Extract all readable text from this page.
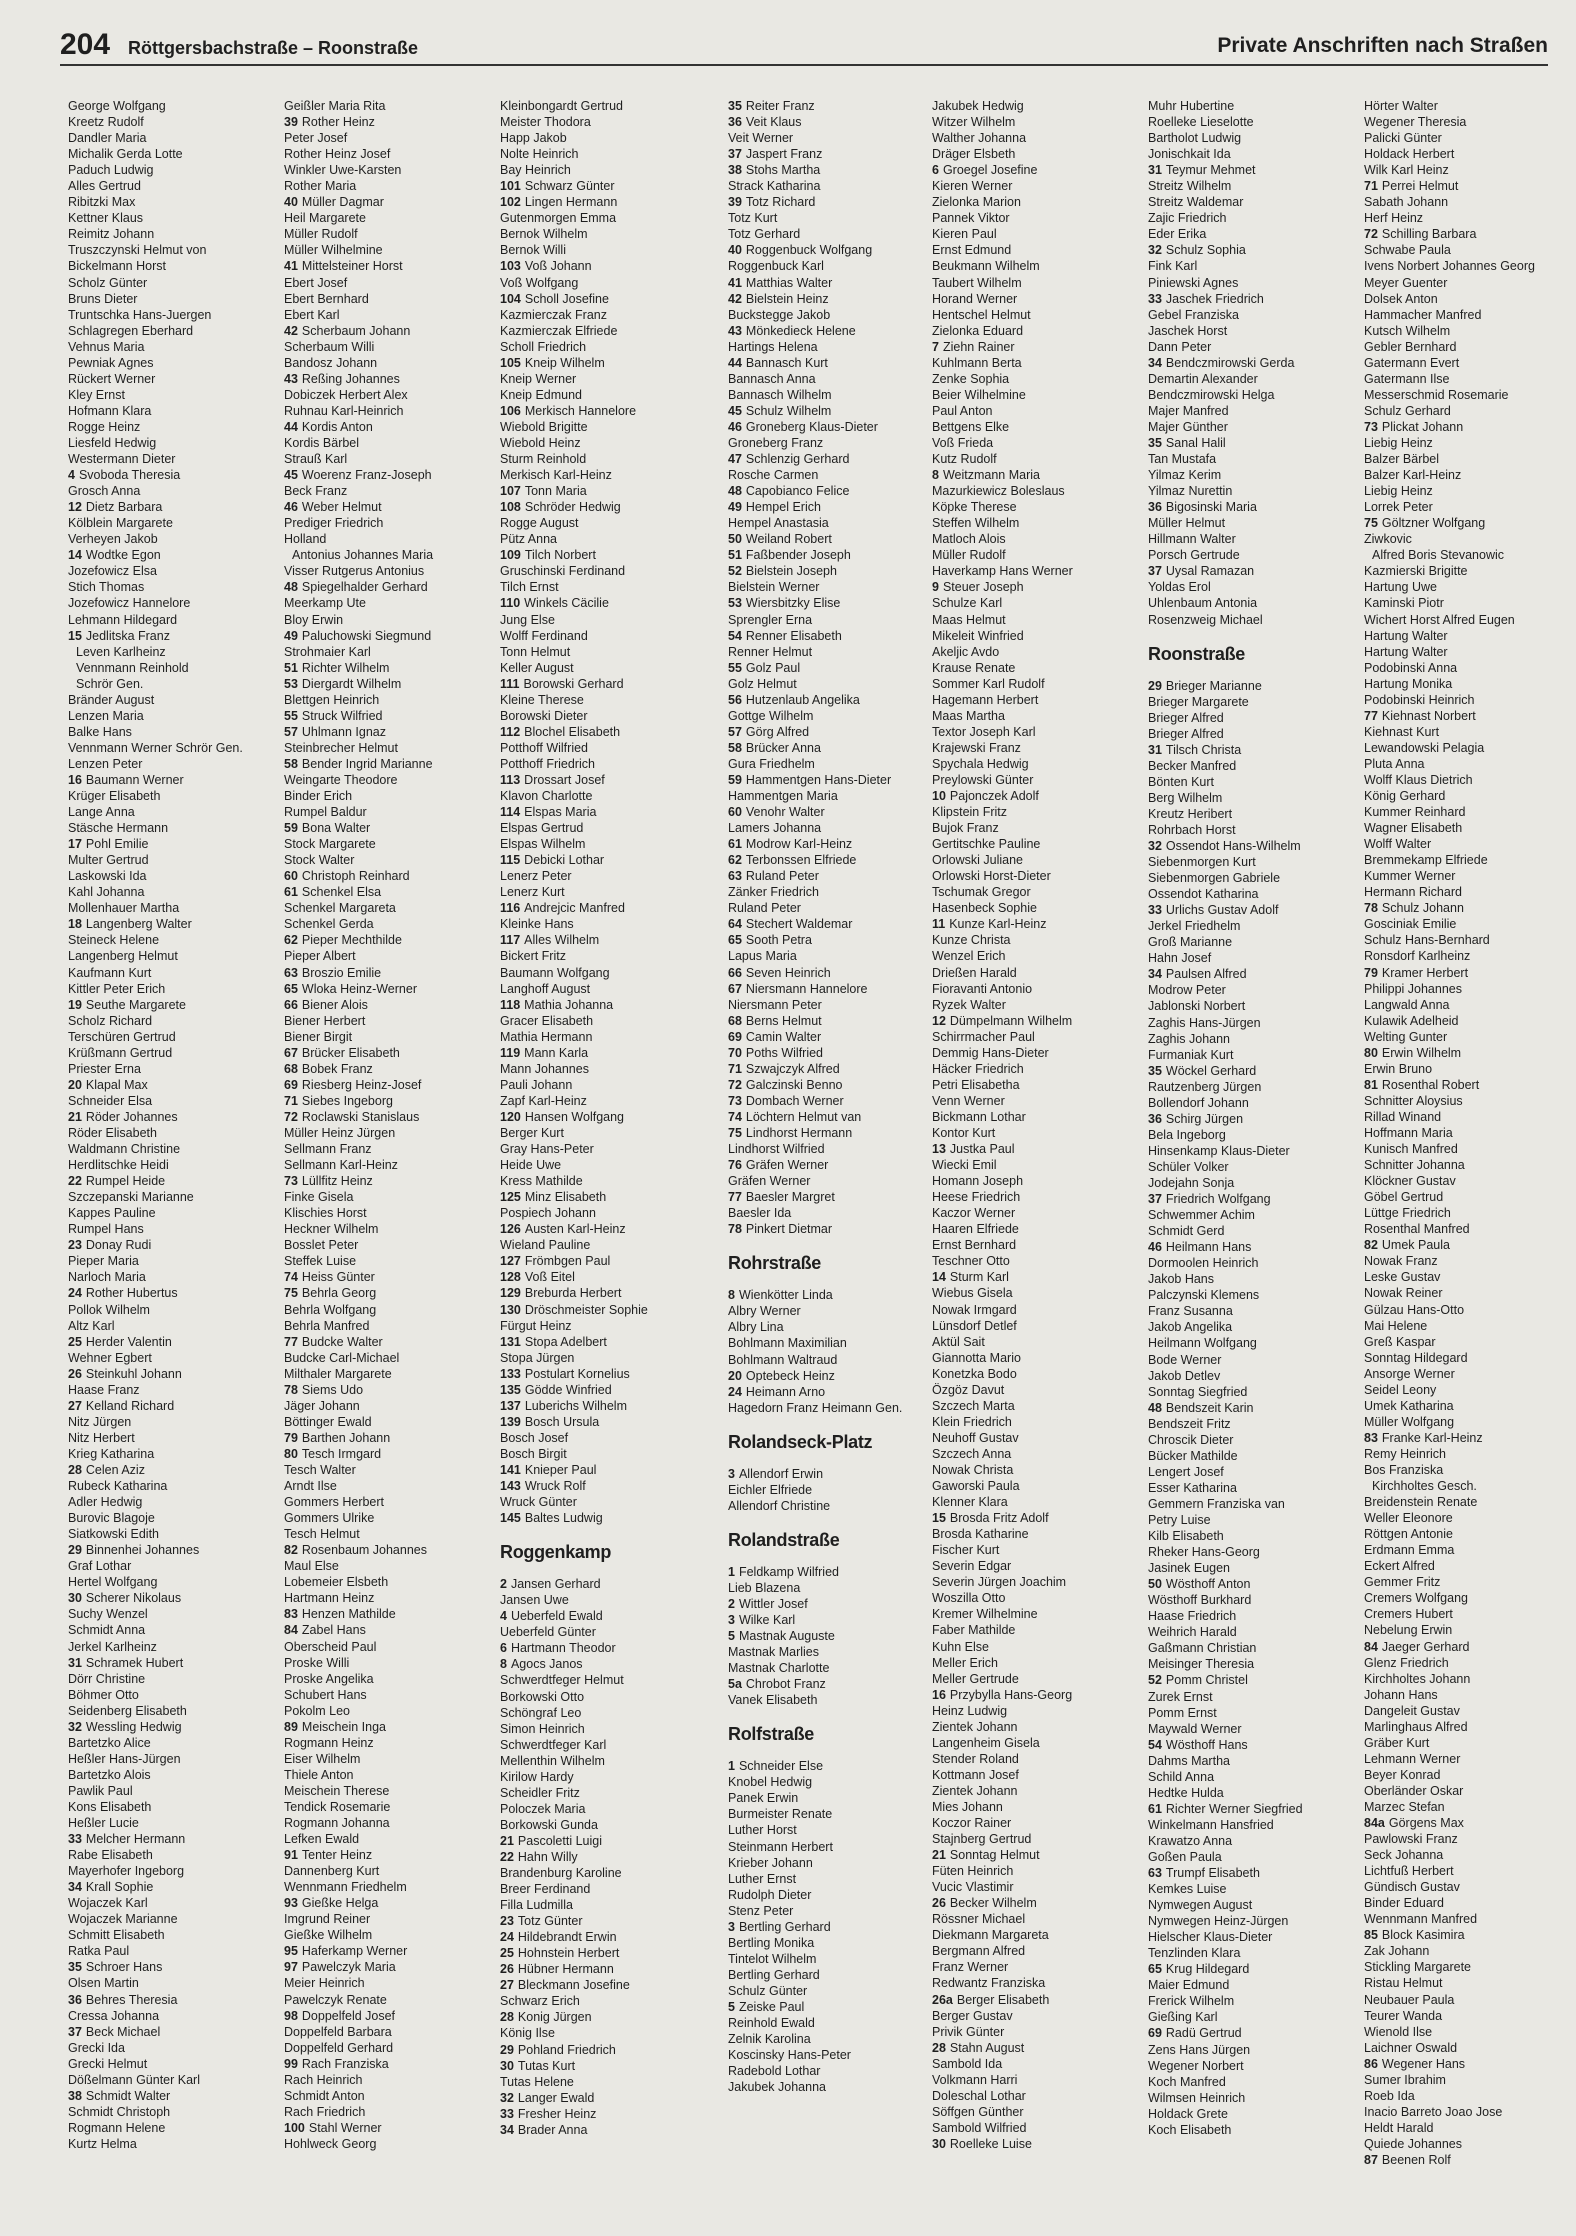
204 Röttgersbachstraße – Roonstraße	Private Anschriften nach Straßen
George Wolfgang
Kreetz Rudolf
Dandler Maria
Michalik Gerda Lotte
Paduch Ludwig
Alles Gertrud
Ribitzki Max
Kettner Klaus
Reimitz Johann
Truszczynski Helmut von
Bickelmann Horst
Scholz Günter
Bruns Dieter
Truntschka Hans-Juergen
Schlagregen Eberhard
Vehnus Maria
Pewniak Agnes
Rückert Werner
Kley Ernst
Hofmann Klara
Rogge Heinz
Liesfeld Hedwig
Westermann Dieter
4 Svoboda Theresia
Grosch Anna
12 Dietz Barbara
Kölblein Margarete
Verheyen Jakob
14 Wodtke Egon
Jozefowicz Elsa
Stich Thomas
Jozefowicz Hannelore
Lehmann Hildegard
15 Jedlitska Franz
Leven Karlheinz
Vennmann Reinhold
Schrör Gen.
Bränder August
Lenzen Maria
Balke Hans
Vennmann Werner Schrör Gen.
Lenzen Peter
16 Baumann Werner
Krüger Elisabeth
Lange Anna
Stäsche Hermann
17 Pohl Emilie
Multer Gertrud
Laskowski Ida
Kahl Johanna
Mollenhauer Martha
18 Langenberg Walter
Steineck Helene
Langenberg Helmut
Kaufmann Kurt
Kittler Peter Erich
19 Seuthe Margarete
Scholz Richard
Terschüren Gertrud
Krüßmann Gertrud
Priester Erna
20 Klapal Max
Schneider Elsa
21 Röder Johannes
Röder Elisabeth
Waldmann Christine
Herdlitschke Heidi
22 Rumpel Heide
Szczepanski Marianne
Kappes Pauline
Rumpel Hans
23 Donay Rudi
Pieper Maria
Narloch Maria
24 Rother Hubertus
Pollok Wilhelm
Altz Karl
25 Herder Valentin
Wehner Egbert
26 Steinkuhl Johann
Haase Franz
27 Kelland Richard
Nitz Jürgen
Nitz Herbert
Krieg Katharina
28 Celen Aziz
Rubeck Katharina
Adler Hedwig
Burovic Blagoje
Siatkowski Edith
29 Binnenhei Johannes
Graf Lothar
Hertel Wolfgang
30 Scherer Nikolaus
Suchy Wenzel
Schmidt Anna
Jerkel Karlheinz
31 Schramek Hubert
Dörr Christine
Böhmer Otto
Seidenberg Elisabeth
32 Wessling Hedwig
Bartetzko Alice
Heßler Hans-Jürgen
Bartetzko Alois
Pawlik Paul
Kons Elisabeth
Heßler Lucie
33 Melcher Hermann
Rabe Elisabeth
Mayerhofer Ingeborg
34 Krall Sophie
Wojaczek Karl
Wojaczek Marianne
Schmitt Elisabeth
Ratka Paul
35 Schroer Hans
Olsen Martin
36 Behres Theresia
Cressa Johanna
37 Beck Michael
Grecki Ida
Grecki Helmut
Dößelmann Günter Karl
38 Schmidt Walter
Schmidt Christoph
Rogmann Helene
Kurtz Helma
Geißler Maria Rita
39 Rother Heinz
Peter Josef
Rother Heinz Josef
Winkler Uwe-Karsten
Rother Maria
40 Müller Dagmar
Heil Margarete
Müller Rudolf
Müller Wilhelmine
41 Mittelsteiner Horst
Ebert Josef
Ebert Bernhard
Ebert Karl
42 Scherbaum Johann
Scherbaum Willi
Bandosz Johann
43 Reßing Johannes
Dobiczek Herbert Alex
Ruhnau Karl-Heinrich
44 Kordis Anton
Kordis Bärbel
Strauß Karl
45 Woerenz Franz-Joseph
Beck Franz
46 Weber Helmut
Prediger Friedrich
Holland
Antonius Johannes Maria
Visser Rutgerus Antonius
48 Spiegelhalder Gerhard
Meerkamp Ute
Bloy Erwin
49 Paluchowski Siegmund
Strohmaier Karl
51 Richter Wilhelm
53 Diergardt Wilhelm
Blettgen Heinrich
55 Struck Wilfried
57 Uhlmann Ignaz
Steinbrecher Helmut
58 Bender Ingrid Marianne
Weingarte Theodore
Binder Erich
Rumpel Baldur
59 Bona Walter
Stock Margarete
Stock Walter
60 Christoph Reinhard
61 Schenkel Elsa
Schenkel Margareta
Schenkel Gerda
62 Pieper Mechthilde
Pieper Albert
63 Broszio Emilie
65 Wloka Heinz-Werner
66 Biener Alois
Biener Herbert
Biener Birgit
67 Brücker Elisabeth
68 Bobek Franz
69 Riesberg Heinz-Josef
71 Siebes Ingeborg
72 Roclawski Stanislaus
Müller Heinz Jürgen
Sellmann Franz
Sellmann Karl-Heinz
73 Lüllfitz Heinz
Finke Gisela
Klischies Horst
Heckner Wilhelm
Bosslet Peter
Steffek Luise
74 Heiss Günter
75 Behrla Georg
Behrla Wolfgang
Behrla Manfred
77 Budcke Walter
Budcke Carl-Michael
Milthaler Margarete
78 Siems Udo
Jäger Johann
Böttinger Ewald
79 Barthen Johann
80 Tesch Irmgard
Tesch Walter
Arndt Ilse
Gommers Herbert
Gommers Ulrike
Tesch Helmut
82 Rosenbaum Johannes
Maul Else
Lobemeier Elsbeth
Hartmann Heinz
83 Henzen Mathilde
84 Zabel Hans
Oberscheid Paul
Proske Willi
Proske Angelika
Schubert Hans
Pokolm Leo
89 Meischein Inga
Rogmann Heinz
Eiser Wilhelm
Thiele Anton
Meischein Therese
Tendick Rosemarie
Rogmann Johanna
Lefken Ewald
91 Tenter Heinz
Dannenberg Kurt
Wennmann Friedhelm
93 Gießke Helga
Imgrund Reiner
Gießke Wilhelm
95 Haferkamp Werner
97 Pawelczyk Maria
Meier Heinrich
Pawelczyk Renate
98 Doppelfeld Josef
Doppelfeld Barbara
Doppelfeld Gerhard
99 Rach Franziska
Rach Heinrich
Schmidt Anton
Rach Friedrich
100 Stahl Werner
Hohlweck Georg
Kleinbongardt Gertrud
Meister Thodora
Happ Jakob
Nolte Heinrich
Bay Heinrich
101 Schwarz Günter
102 Lingen Hermann
Gutenmorgen Emma
Bernok Wilhelm
Bernok Willi
103 Voß Johann
Voß Wolfgang
104 Scholl Josefine
Kazmierczak Franz
Kazmierczak Elfriede
Scholl Friedrich
105 Kneip Wilhelm
Kneip Werner
Kneip Edmund
106 Merkisch Hannelore
Wiebold Brigitte
Wiebold Heinz
Sturm Reinhold
Merkisch Karl-Heinz
107 Tonn Maria
108 Schröder Hedwig
Rogge August
Pütz Anna
109 Tilch Norbert
Gruschinski Ferdinand
Tilch Ernst
110 Winkels Cäcilie
Jung Else
Wolff Ferdinand
Tonn Helmut
Keller August
111 Borowski Gerhard
Kleine Therese
Borowski Dieter
112 Blochel Elisabeth
Potthoff Wilfried
Potthoff Friedrich
113 Drossart Josef
Klavon Charlotte
114 Elspas Maria
Elspas Gertrud
Elspas Wilhelm
115 Debicki Lothar
Lenerz Peter
Lenerz Kurt
116 Andrejcic Manfred
Kleinke Hans
117 Alles Wilhelm
Bickert Fritz
Baumann Wolfgang
Langhoff August
118 Mathia Johanna
Gracer Elisabeth
Mathia Hermann
119 Mann Karla
Mann Johannes
Pauli Johann
Zapf Karl-Heinz
120 Hansen Wolfgang
Berger Kurt
Gray Hans-Peter
Heide Uwe
Kress Mathilde
125 Minz Elisabeth
Pospiech Johann
126 Austen Karl-Heinz
Wieland Pauline
127 Frömbgen Paul
128 Voß Eitel
129 Breburda Herbert
130 Dröschmeister Sophie
Fürgut Heinz
131 Stopa Adelbert
Stopa Jürgen
133 Postulart Kornelius
135 Gödde Winfried
137 Luberichs Wilhelm
139 Bosch Ursula
Bosch Josef
Bosch Birgit
141 Knieper Paul
143 Wruck Rolf
Wruck Günter
145 Baltes Ludwig
Roggenkamp
2 Jansen Gerhard
Jansen Uwe
4 Ueberfeld Ewald
Ueberfeld Günter
6 Hartmann Theodor
8 Agocs Janos
Schwerdtfeger Helmut
Borkowski Otto
Schöngraf Leo
Simon Heinrich
Schwerdtfeger Karl
Mellenthin Wilhelm
Kirilow Hardy
Scheidler Fritz
Poloczek Maria
Borkowski Gunda
21 Pascoletti Luigi
22 Hahn Willy
Brandenburg Karoline
Breer Ferdinand
Filla Ludmilla
23 Totz Günter
24 Hildebrandt Erwin
25 Hohnstein Herbert
26 Hübner Hermann
27 Bleckmann Josefine
Schwarz Erich
28 Konig Jürgen
König Ilse
29 Pohland Friedrich
30 Tutas Kurt
Tutas Helene
32 Langer Ewald
33 Fresher Heinz
34 Brader Anna
35 Reiter Franz
36 Veit Klaus
Veit Werner
37 Jaspert Franz
38 Stohs Martha
Strack Katharina
39 Totz Richard
Totz Kurt
Totz Gerhard
40 Roggenbuck Wolfgang
Roggenbuck Karl
41 Matthias Walter
42 Bielstein Heinz
Buckstegge Jakob
43 Mönkedieck Helene
Hartings Helena
44 Bannasch Kurt
Bannasch Anna
Bannasch Wilhelm
45 Schulz Wilhelm
46 Groneberg Klaus-Dieter
Groneberg Franz
47 Schlenzig Gerhard
Rosche Carmen
48 Capobianco Felice
49 Hempel Erich
Hempel Anastasia
50 Weiland Robert
51 Faßbender Joseph
52 Bielstein Joseph
Bielstein Werner
53 Wiersbitzky Elise
Sprengler Erna
54 Renner Elisabeth
Renner Helmut
55 Golz Paul
Golz Helmut
56 Hutzenlaub Angelika
Gottge Wilhelm
57 Görg Alfred
58 Brücker Anna
Gura Friedhelm
59 Hammentgen Hans-Dieter
Hammentgen Maria
60 Venohr Walter
Lamers Johanna
61 Modrow Karl-Heinz
62 Terbonssen Elfriede
63 Ruland Peter
Zänker Friedrich
Ruland Peter
64 Stechert Waldemar
65 Sooth Petra
Lapus Maria
66 Seven Heinrich
67 Niersmann Hannelore
Niersmann Peter
68 Berns Helmut
69 Camin Walter
70 Poths Wilfried
71 Szwajczyk Alfred
72 Galczinski Benno
73 Dombach Werner
74 Löchtern Helmut van
75 Lindhorst Hermann
Lindhorst Wilfried
76 Gräfen Werner
Gräfen Werner
77 Baesler Margret
Baesler Ida
78 Pinkert Dietmar
Rohrstraße
8 Wienkötter Linda
Albry Werner
Albry Lina
Bohlmann Maximilian
Bohlmann Waltraud
20 Optebeck Heinz
24 Heimann Arno
Hagedorn Franz Heimann Gen.
Rolandseck-Platz
3 Allendorf Erwin
Eichler Elfriede
Allendorf Christine
Rolandstraße
1 Feldkamp Wilfried
Lieb Blazena
2 Wittler Josef
3 Wilke Karl
5 Mastnak Auguste
Mastnak Marlies
Mastnak Charlotte
5a Chrobot Franz
Vanek Elisabeth
Rolfstraße
1 Schneider Else
Knobel Hedwig
Panek Erwin
Burmeister Renate
Luther Horst
Steinmann Herbert
Krieber Johann
Luther Ernst
Rudolph Dieter
Stenz Peter
3 Bertling Gerhard
Bertling Monika
Tintelot Wilhelm
Bertling Gerhard
Schulz Günter
5 Zeiske Paul
Reinhold Ewald
Zelnik Karolina
Koscinsky Hans-Peter
Radebold Lothar
Jakubek Johanna
Jakubek Hedwig
Witzer Wilhelm
Walther Johanna
Dräger Elsbeth
6 Groegel Josefine
Kieren Werner
Zielonka Marion
Pannek Viktor
Kieren Paul
Ernst Edmund
Beukmann Wilhelm
Taubert Wilhelm
Horand Werner
Hentschel Helmut
Zielonka Eduard
7 Ziehn Rainer
Kuhlmann Berta
Zenke Sophia
Beier Wilhelmine
Paul Anton
Bettgens Elke
Voß Frieda
Kutz Rudolf
8 Weitzmann Maria
Mazurkiewicz Boleslaus
Köpke Therese
Steffen Wilhelm
Matloch Alois
Müller Rudolf
Haverkamp Hans Werner
9 Steuer Joseph
Schulze Karl
Maas Helmut
Mikeleit Winfried
Akeljic Avdo
Krause Renate
Sommer Karl Rudolf
Hagemann Herbert
Maas Martha
Textor Joseph Karl
Krajewski Franz
Spychala Hedwig
Preylowski Günter
10 Pajonczek Adolf
Klipstein Fritz
Bujok Franz
Gertitschke Pauline
Orlowski Juliane
Orlowski Horst-Dieter
Tschumak Gregor
Hasenbeck Sophie
11 Kunze Karl-Heinz
Kunze Christa
Wenzel Erich
Drießen Harald
Fioravanti Antonio
Ryzek Walter
12 Dümpelmann Wilhelm
Schirrmacher Paul
Demmig Hans-Dieter
Häcker Friedrich
Petri Elisabetha
Venn Werner
Bickmann Lothar
Kontor Kurt
13 Justka Paul
Wiecki Emil
Homann Joseph
Heese Friedrich
Kaczor Werner
Haaren Elfriede
Ernst Bernhard
Teschner Otto
14 Sturm Karl
Wiebus Gisela
Nowak Irmgard
Lünsdorf Detlef
Aktül Sait
Giannotta Mario
Konetzka Bodo
Özgöz Davut
Szczech Marta
Klein Friedrich
Neuhoff Gustav
Szczech Anna
Nowak Christa
Gaworski Paula
Klenner Klara
15 Brosda Fritz Adolf
Brosda Katharine
Fischer Kurt
Severin Edgar
Severin Jürgen Joachim
Woszilla Otto
Kremer Wilhelmine
Faber Mathilde
Kuhn Else
Meller Erich
Meller Gertrude
16 Przybylla Hans-Georg
Heinz Ludwig
Zientek Johann
Langenheim Gisela
Stender Roland
Kottmann Josef
Zientek Johann
Mies Johann
Koczor Rainer
Stajnberg Gertrud
21 Sonntag Helmut
Füten Heinrich
Vucic Vlastimir
26 Becker Wilhelm
Rössner Michael
Diekmann Margareta
Bergmann Alfred
Franz Werner
Redwantz Franziska
26a Berger Elisabeth
Berger Gustav
Privik Günter
28 Stahn August
Sambold Ida
Volkmann Harri
Doleschal Lothar
Söffgen Günther
Sambold Wilfried
30 Roelleke Luise
Muhr Hubertine
Roelleke Lieselotte
Bartholot Ludwig
Jonischkait Ida
31 Teymur Mehmet
Streitz Wilhelm
Streitz Waldemar
Zajic Friedrich
Eder Erika
32 Schulz Sophia
Fink Karl
Piniewski Agnes
33 Jaschek Friedrich
Gebel Franziska
Jaschek Horst
Dann Peter
34 Bendczmirowski Gerda
Demartin Alexander
Bendczmirowski Helga
Majer Manfred
Majer Günther
35 Sanal Halil
Tan Mustafa
Yilmaz Kerim
Yilmaz Nurettin
36 Bigosinski Maria
Müller Helmut
Hillmann Walter
Porsch Gertrude
37 Uysal Ramazan
Yoldas Erol
Uhlenbaum Antonia
Rosenzweig Michael
Roonstraße
29 Brieger Marianne
Brieger Margarete
Brieger Alfred
Brieger Alfred
31 Tilsch Christa
Becker Manfred
Bönten Kurt
Berg Wilhelm
Kreutz Heribert
Rohrbach Horst
32 Ossendot Hans-Wilhelm
Siebenmorgen Kurt
Siebenmorgen Gabriele
Ossendot Katharina
33 Urlichs Gustav Adolf
Jerkel Friedhelm
Groß Marianne
Hahn Josef
34 Paulsen Alfred
Modrow Peter
Jablonski Norbert
Zaghis Hans-Jürgen
Zaghis Johann
Furmaniak Kurt
35 Wöckel Gerhard
Rautzenberg Jürgen
Bollendorf Johann
36 Schirg Jürgen
Bela Ingeborg
Hinsenkamp Klaus-Dieter
Schüler Volker
Jodejahn Sonja
37 Friedrich Wolfgang
Schwemmer Achim
Schmidt Gerd
46 Heilmann Hans
Dormoolen Heinrich
Jakob Hans
Palczynski Klemens
Franz Susanna
Jakob Angelika
Heilmann Wolfgang
Bode Werner
Jakob Detlev
Sonntag Siegfried
48 Bendszeit Karin
Bendszeit Fritz
Chroscik Dieter
Bücker Mathilde
Lengert Josef
Esser Katharina
Gemmern Franziska van
Petry Luise
Kilb Elisabeth
Rheker Hans-Georg
Jasinek Eugen
50 Wösthoff Anton
Wösthoff Burkhard
Haase Friedrich
Weihrich Harald
Gaßmann Christian
Meisinger Theresia
52 Pomm Christel
Zurek Ernst
Pomm Ernst
Maywald Werner
54 Wösthoff Hans
Dahms Martha
Schild Anna
Hedtke Hulda
61 Richter Werner Siegfried
Winkelmann Hansfried
Krawatzo Anna
Goßen Paula
63 Trumpf Elisabeth
Kemkes Luise
Nymwegen August
Nymwegen Heinz-Jürgen
Hielscher Klaus-Dieter
Tenzlinden Klara
65 Krug Hildegard
Maier Edmund
Frerick Wilhelm
Gießing Karl
69 Radü Gertrud
Zens Hans Jürgen
Wegener Norbert
Koch Manfred
Wilmsen Heinrich
Holdack Grete
Koch Elisabeth
Hörter Walter
Wegener Theresia
Palicki Günter
Holdack Herbert
Wilk Karl Heinz
71 Perrei Helmut
Sabath Johann
Herf Heinz
72 Schilling Barbara
Schwabe Paula
Ivens Norbert Johannes Georg
Meyer Guenter
Dolsek Anton
Hammacher Manfred
Kutsch Wilhelm
Gebler Bernhard
Gatermann Evert
Gatermann Ilse
Messerschmid Rosemarie
Schulz Gerhard
73 Plickat Johann
Liebig Heinz
Balzer Bärbel
Balzer Karl-Heinz
Liebig Heinz
Lorrek Peter
75 Göltzner Wolfgang
Ziwkovic
Alfred Boris Stevanowic
Kazmierski Brigitte
Hartung Uwe
Kaminski Piotr
Wichert Horst Alfred Eugen
Hartung Walter
Hartung Walter
Podobinski Anna
Hartung Monika
Podobinski Heinrich
77 Kiehnast Norbert
Kiehnast Kurt
Lewandowski Pelagia
Pluta Anna
Wolff Klaus Dietrich
König Gerhard
Kummer Reinhard
Wagner Elisabeth
Wolff Walter
Bremmekamp Elfriede
Kummer Werner
Hermann Richard
78 Schulz Johann
Gosciniak Emilie
Schulz Hans-Bernhard
Ronsdorf Karlheinz
79 Kramer Herbert
Philippi Johannes
Langwald Anna
Kulawik Adelheid
Welting Gunter
80 Erwin Wilhelm
Erwin Bruno
81 Rosenthal Robert
Schnitter Aloysius
Rillad Winand
Hoffmann Maria
Kunisch Manfred
Schnitter Johanna
Klöckner Gustav
Göbel Gertrud
Lüttge Friedrich
Rosenthal Manfred
82 Umek Paula
Nowak Franz
Leske Gustav
Nowak Reiner
Gülzau Hans-Otto
Mai Helene
Greß Kaspar
Sonntag Hildegard
Ansorge Werner
Seidel Leony
Umek Katharina
Müller Wolfgang
83 Franke Karl-Heinz
Remy Heinrich
Bos Franziska
Kirchholtes Gesch.
Breidenstein Renate
Weller Eleonore
Röttgen Antonie
Erdmann Emma
Eckert Alfred
Gemmer Fritz
Cremers Wolfgang
Cremers Hubert
Nebelung Erwin
84 Jaeger Gerhard
Glenz Friedrich
Kirchholtes Johann
Johann Hans
Dangeleit Gustav
Marlinghaus Alfred
Gräber Kurt
Lehmann Werner
Beyer Konrad
Oberländer Oskar
Marzec Stefan
84a Görgens Max
Pawlowski Franz
Seck Johanna
Lichtfuß Herbert
Gündisch Gustav
Binder Eduard
Wennmann Manfred
85 Block Kasimira
Zak Johann
Stickling Margarete
Ristau Helmut
Neubauer Paula
Teurer Wanda
Wienold Ilse
Laichner Oswald
86 Wegener Hans
Sumer Ibrahim
Roeb Ida
Inacio Barreto Joao Jose
Heldt Harald
Quiede Johannes
87 Beenen Rolf
